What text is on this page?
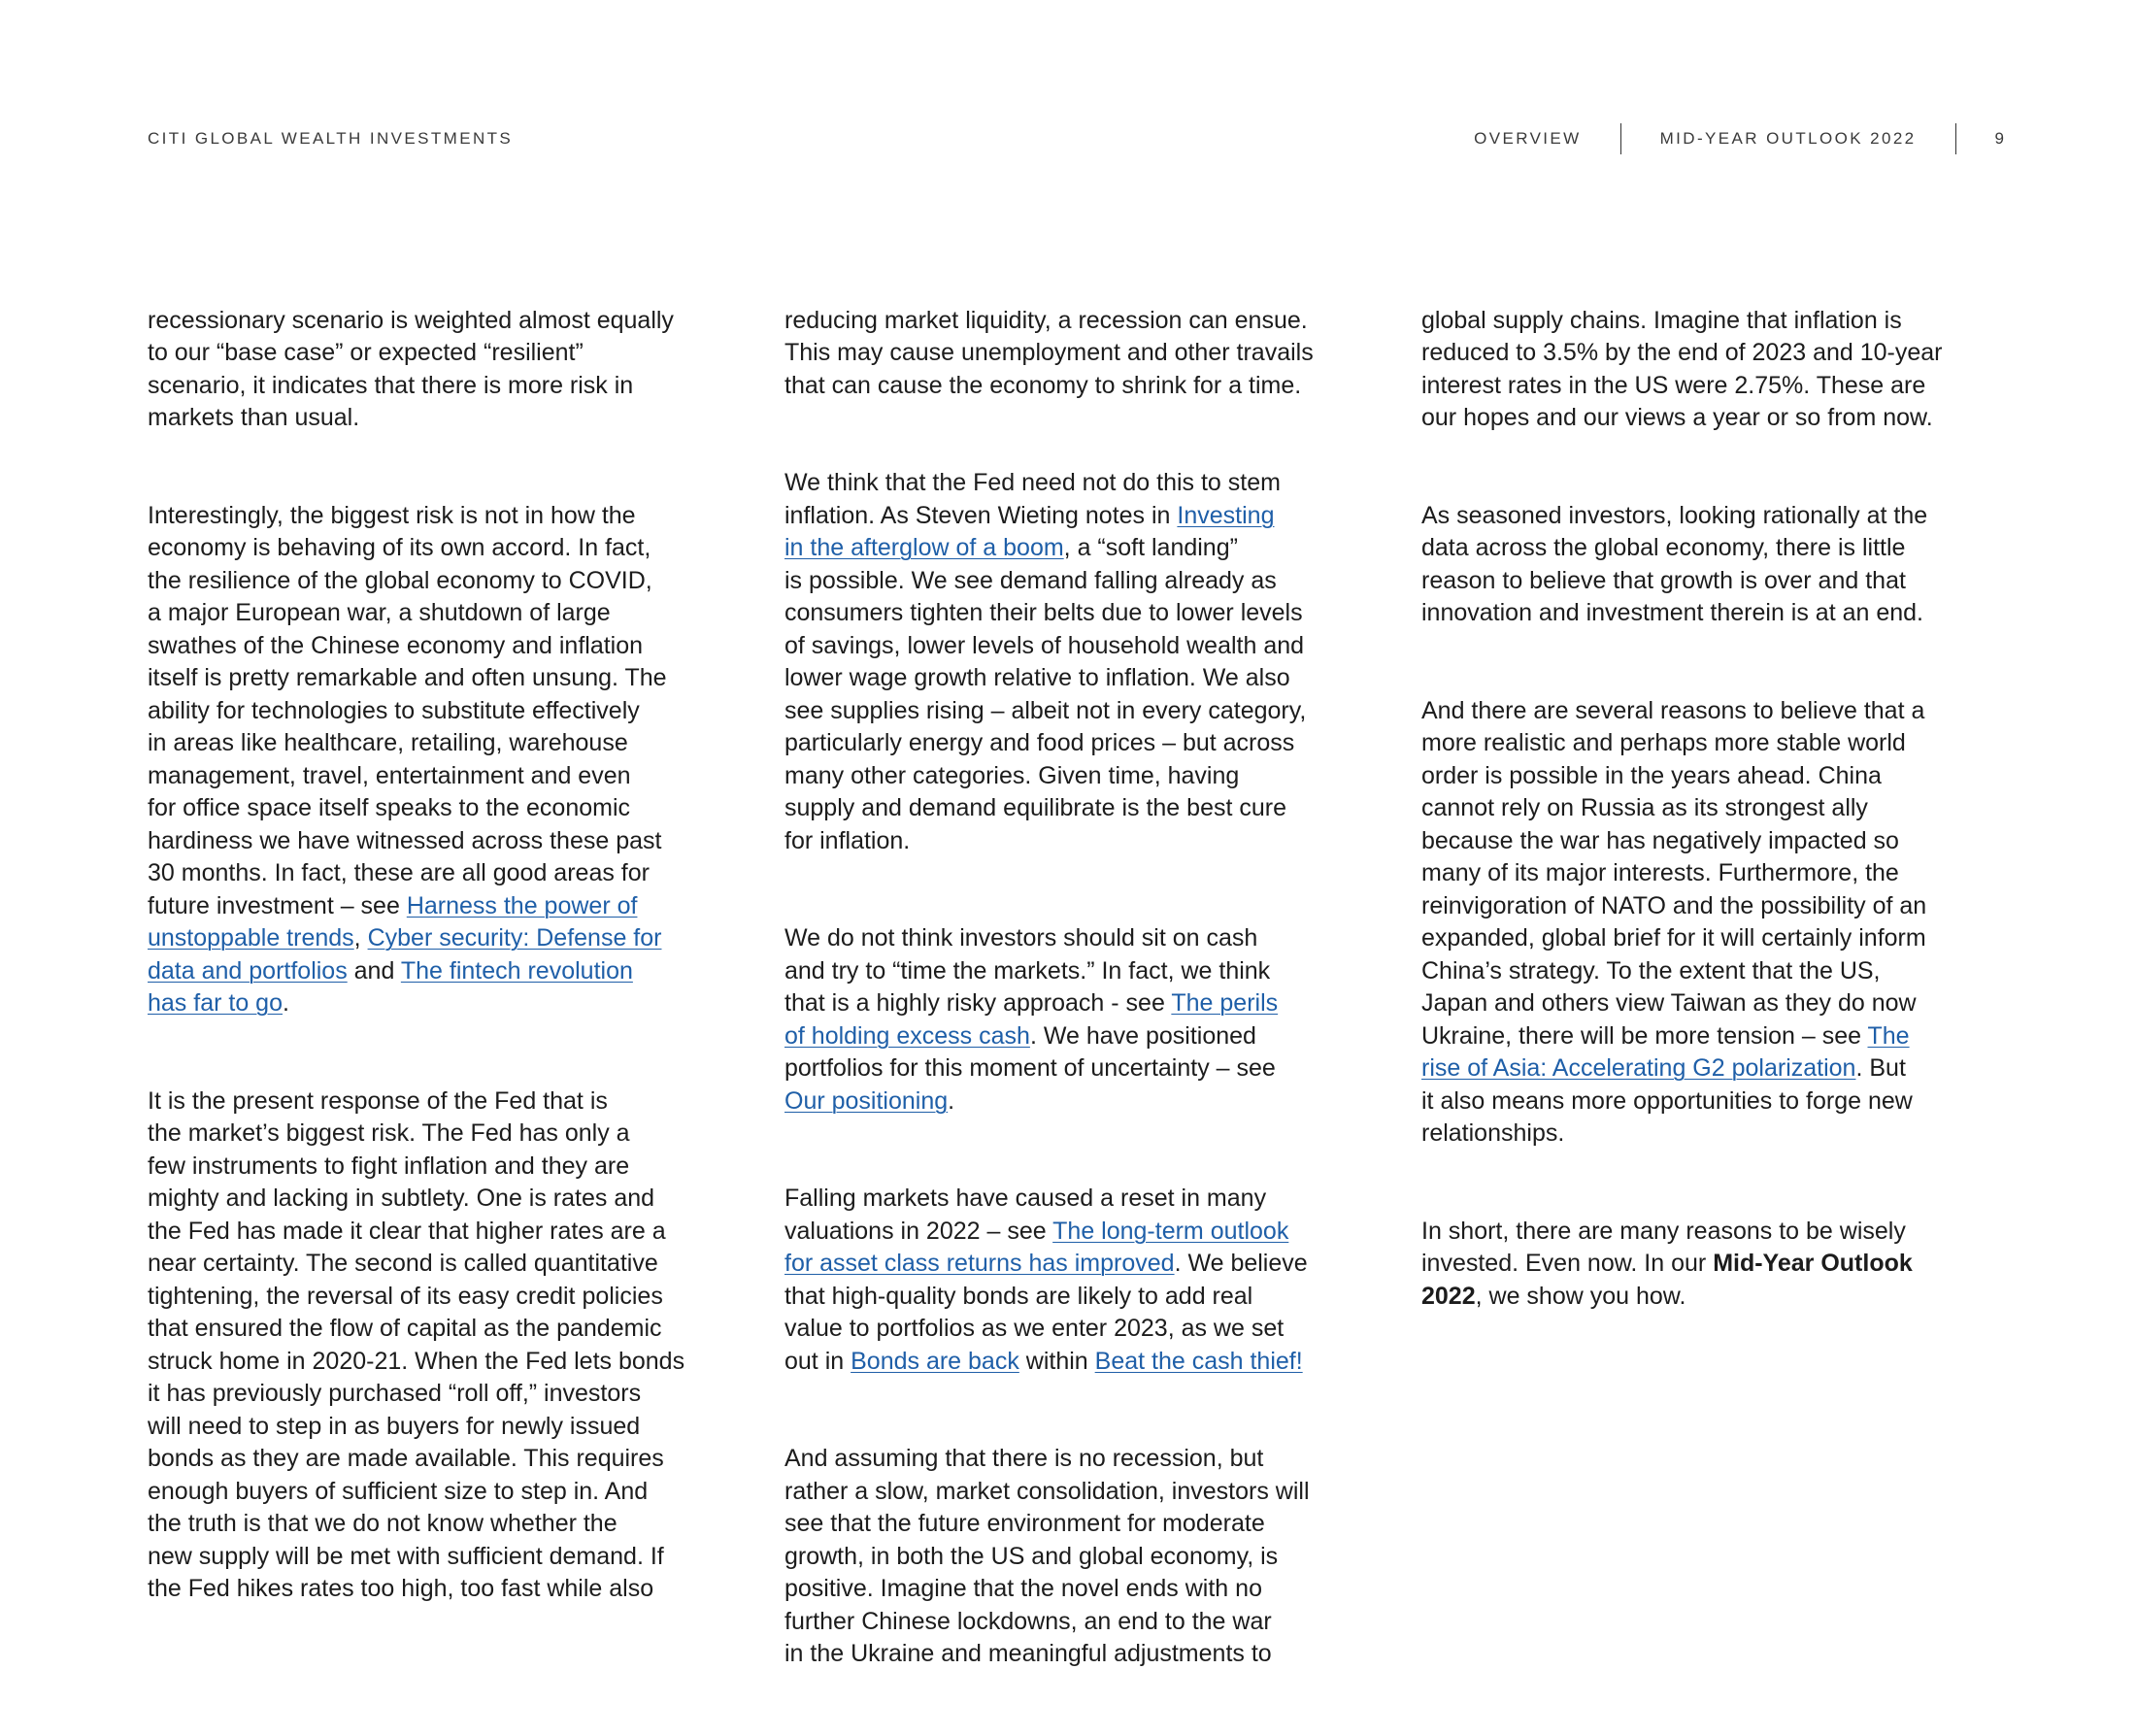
CITI GLOBAL WEALTH INVESTMENTS	OVERVIEW	MID-YEAR OUTLOOK 2022	9

recessionary scenario is weighted almost equally
to our “base case” or expected “resilient”
scenario, it indicates that there is more risk in
markets than usual.

Interestingly, the biggest risk is not in how the
economy is behaving of its own accord. In fact,
the resilience of the global economy to COVID,
a major European war, a shutdown of large
swathes of the Chinese economy and inflation
itself is pretty remarkable and often unsung. The
ability for technologies to substitute effectively
in areas like healthcare, retailing, warehouse
management, travel, entertainment and even
for office space itself speaks to the economic
hardiness we have witnessed across these past
30 months. In fact, these are all good areas for
future investment – see Harness the power of
unstoppable trends, Cyber security: Defense for
data and portfolios and The fintech revolution
has far to go.

It is the present response of the Fed that is
the market’s biggest risk. The Fed has only a
few instruments to fight inflation and they are
mighty and lacking in subtlety. One is rates and
the Fed has made it clear that higher rates are a
near certainty. The second is called quantitative
tightening, the reversal of its easy credit policies
that ensured the flow of capital as the pandemic
struck home in 2020-21. When the Fed lets bonds
it has previously purchased “roll off,” investors
will need to step in as buyers for newly issued
bonds as they are made available. This requires
enough buyers of sufficient size to step in. And
the truth is that we do not know whether the
new supply will be met with sufficient demand. If
the Fed hikes rates too high, too fast while also

reducing market liquidity, a recession can ensue.
This may cause unemployment and other travails
that can cause the economy to shrink for a time.

We think that the Fed need not do this to stem
inflation. As Steven Wieting notes in Investing
in the afterglow of a boom, a “soft landing”
is possible. We see demand falling already as
consumers tighten their belts due to lower levels
of savings, lower levels of household wealth and
lower wage growth relative to inflation. We also
see supplies rising – albeit not in every category,
particularly energy and food prices – but across
many other categories. Given time, having
supply and demand equilibrate is the best cure
for inflation.

We do not think investors should sit on cash
and try to “time the markets.” In fact, we think
that is a highly risky approach - see The perils
of holding excess cash. We have positioned
portfolios for this moment of uncertainty – see
Our positioning.

Falling markets have caused a reset in many
valuations in 2022 – see The long-term outlook
for asset class returns has improved. We believe
that high-quality bonds are likely to add real
value to portfolios as we enter 2023, as we set
out in Bonds are back within Beat the cash thief!

And assuming that there is no recession, but
rather a slow, market consolidation, investors will
see that the future environment for moderate
growth, in both the US and global economy, is
positive. Imagine that the novel ends with no
further Chinese lockdowns, an end to the war
in the Ukraine and meaningful adjustments to

global supply chains. Imagine that inflation is
reduced to 3.5% by the end of 2023 and 10-year
interest rates in the US were 2.75%. These are
our hopes and our views a year or so from now.

As seasoned investors, looking rationally at the
data across the global economy, there is little
reason to believe that growth is over and that
innovation and investment therein is at an end.

And there are several reasons to believe that a
more realistic and perhaps more stable world
order is possible in the years ahead. China
cannot rely on Russia as its strongest ally
because the war has negatively impacted so
many of its major interests. Furthermore, the
reinvigoration of NATO and the possibility of an
expanded, global brief for it will certainly inform
China’s strategy. To the extent that the US,
Japan and others view Taiwan as they do now
Ukraine, there will be more tension – see The
rise of Asia: Accelerating G2 polarization. But
it also means more opportunities to forge new
relationships.

In short, there are many reasons to be wisely
invested. Even now. In our Mid-Year Outlook
2022, we show you how.
